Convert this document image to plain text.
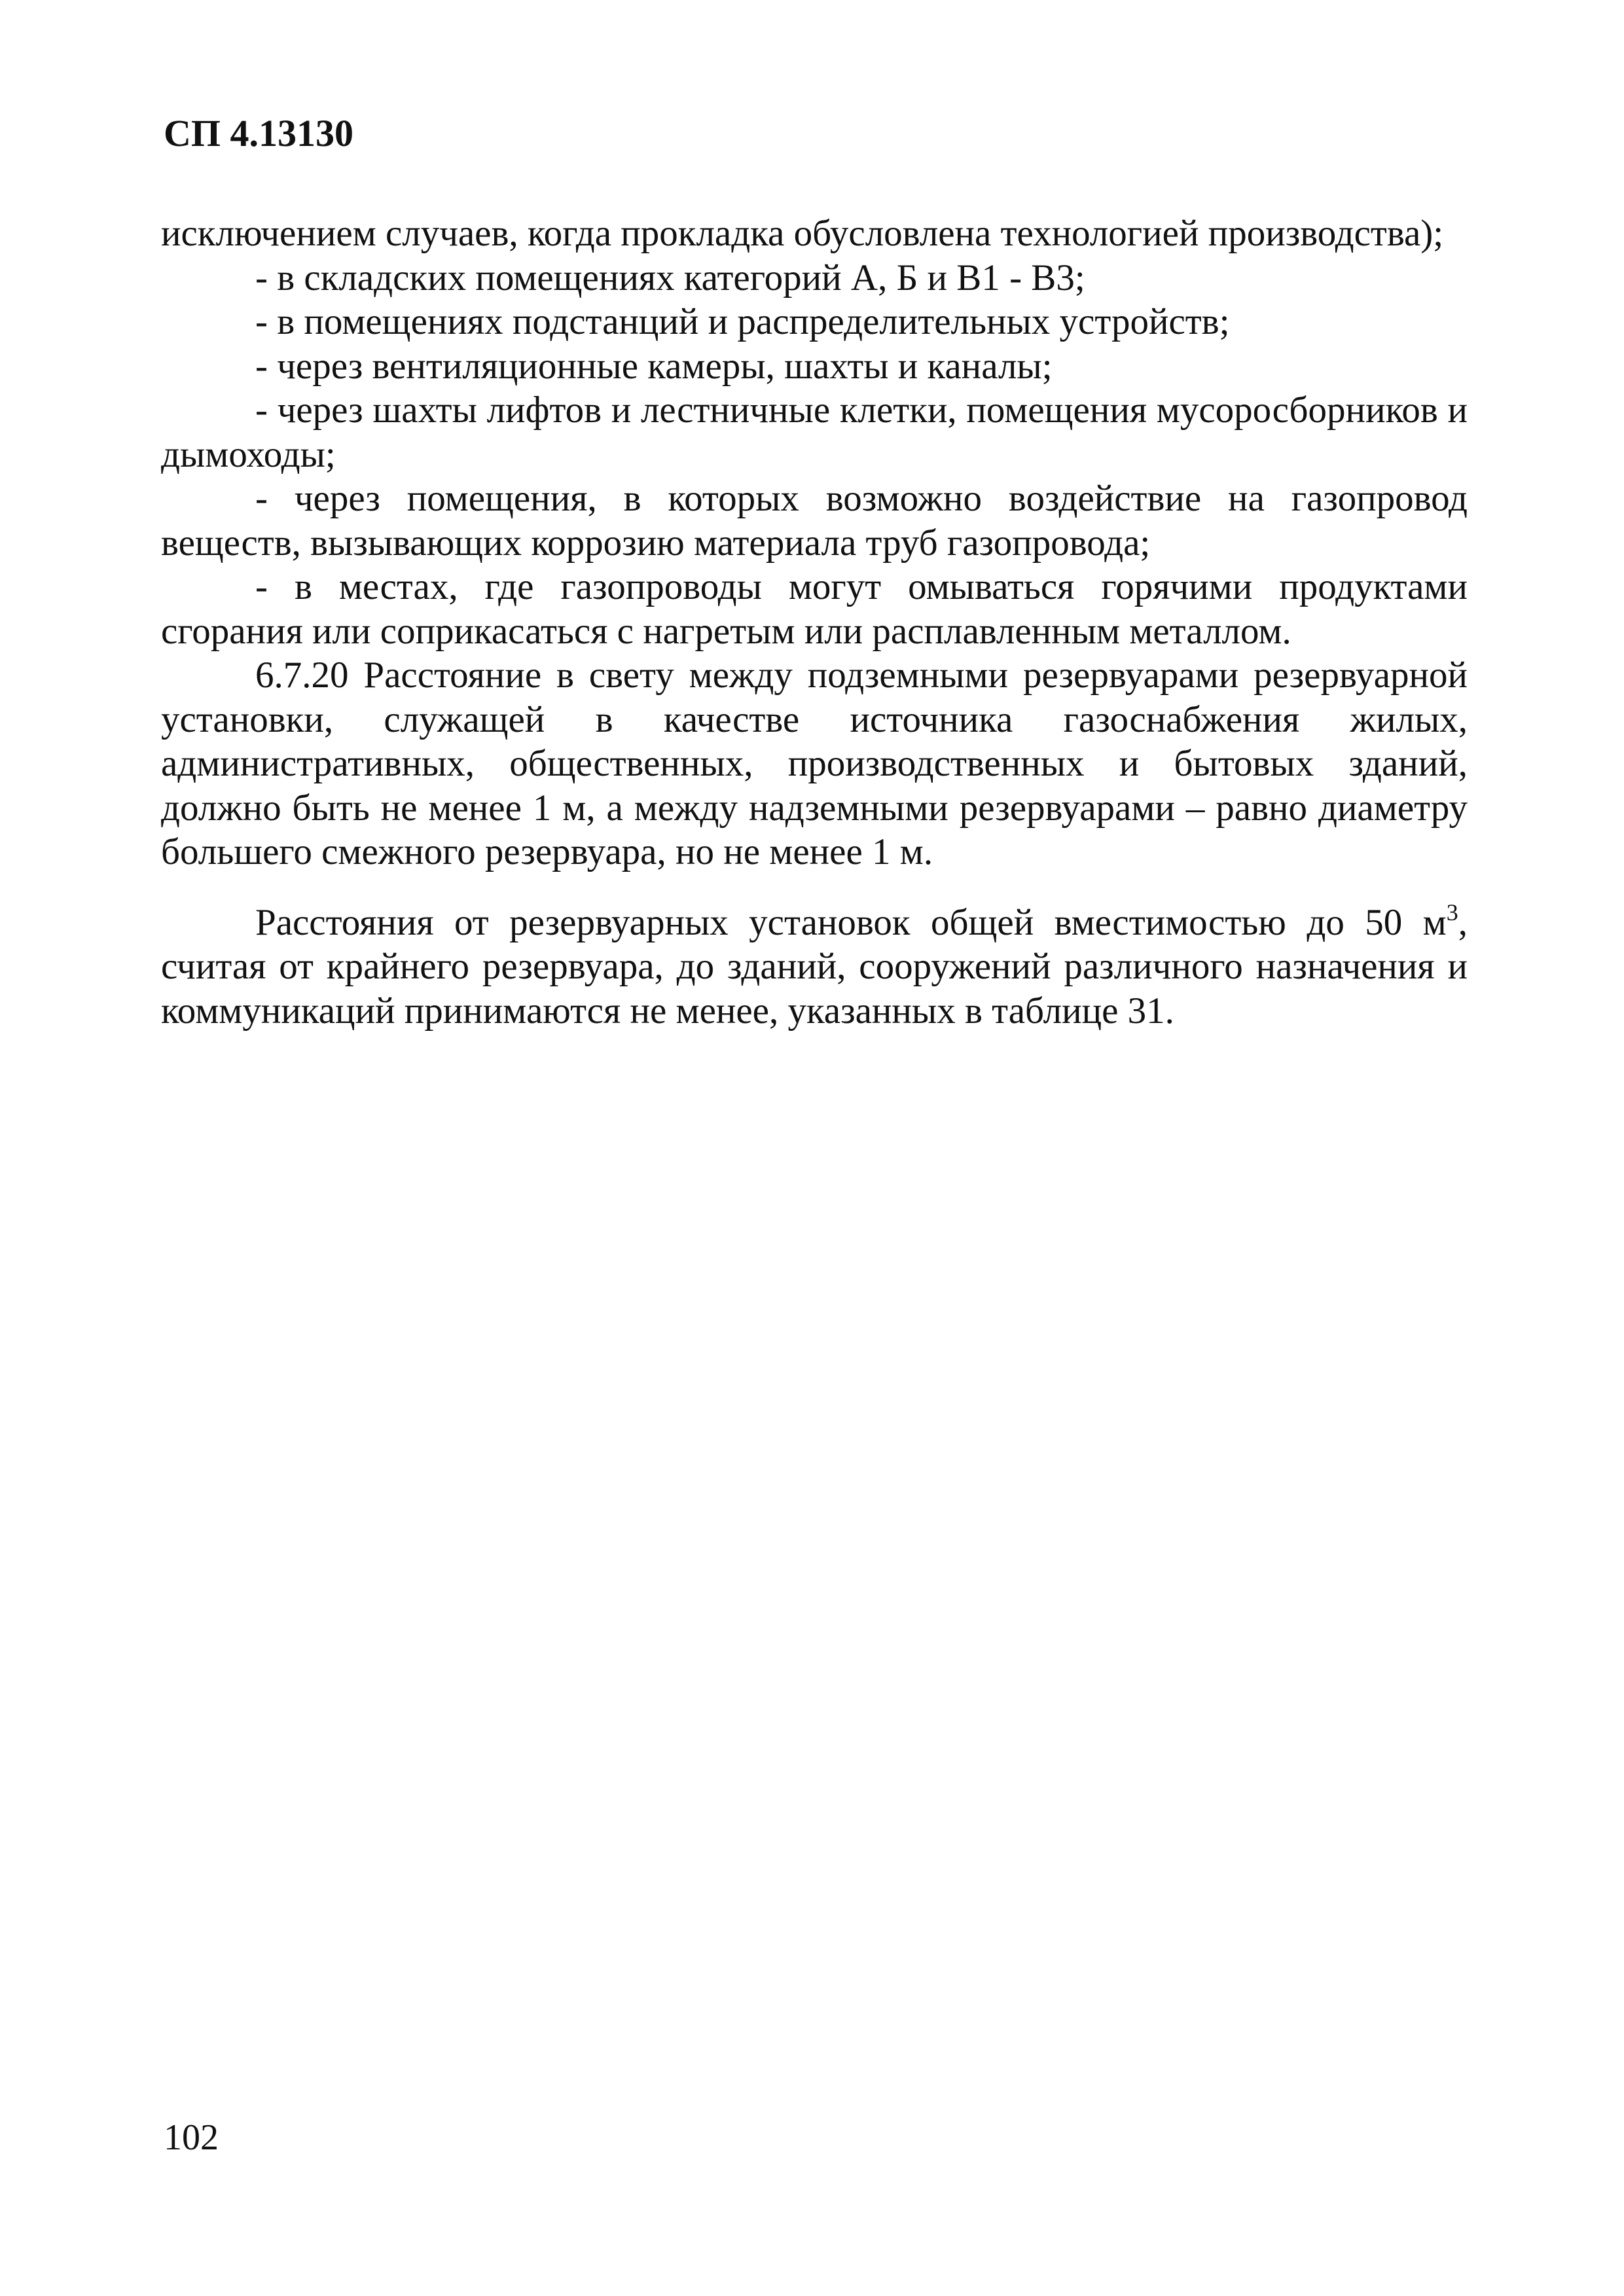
СП 4.13130

исключением случаев, когда прокладка обусловлена технологией производства);

- в складских помещениях категорий А, Б и В1 - В3;

- в помещениях подстанций и распределительных устройств;

- через вентиляционные камеры, шахты и каналы;

- через шахты лифтов и лестничные клетки, помещения мусоросборников и дымоходы;

- через помещения, в которых возможно воздействие на газопровод веществ, вызывающих коррозию материала труб газопровода;

- в местах, где газопроводы могут омываться горячими продуктами сгорания или соприкасаться с нагретым или расплавленным металлом.

6.7.20 Расстояние в свету между подземными резервуарами резервуарной установки, служащей в качестве источника газоснабжения жилых, административных, общественных, производственных и бытовых зданий, должно быть не менее 1 м, а между надземными резервуарами – равно диаметру большего смежного резервуара, но не менее 1 м.

Расстояния от резервуарных установок общей вместимостью до 50 $м^3$, считая от крайнего резервуара, до зданий, сооружений различного назначения и коммуникаций принимаются не менее, указанных в таблице 31.

102
